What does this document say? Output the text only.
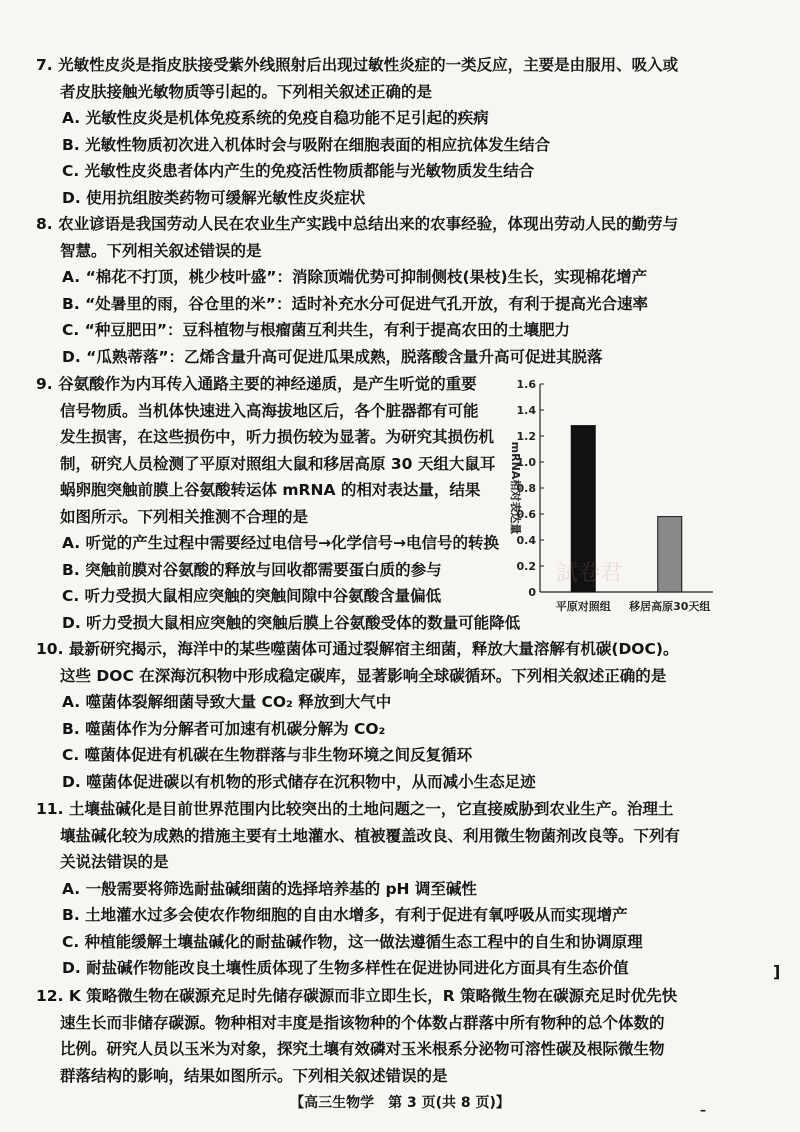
7. 光敏性皮炎是指皮肤接受紫外线照射后出现过敏性炎症的一类反应，主要是由服用、吸入或
者皮肤接触光敏物质等引起的。下列相关叙述正确的是
A. 光敏性皮炎是机体免疫系统的免疫自稳功能不足引起的疾病
B. 光敏性物质初次进入机体时会与吸附在细胞表面的相应抗体发生结合
C. 光敏性皮炎患者体内产生的免疫活性物质都能与光敏物质发生结合
D. 使用抗组胺类药物可缓解光敏性皮炎症状
8. 农业谚语是我国劳动人民在农业生产实践中总结出来的农事经验，体现出劳动人民的勤劳与
智慧。下列相关叙述错误的是
A. “棉花不打顶，桃少枝叶盛”：消除顶端优势可抑制侧枝(果枝)生长，实现棉花增产
B. “处暑里的雨，谷仓里的米”：适时补充水分可促进气孔开放，有利于提高光合速率
C. “种豆肥田”：豆科植物与根瘤菌互利共生，有利于提高农田的土壤肥力
D. “瓜熟蒂落”：乙烯含量升高可促进瓜果成熟，脱落酸含量升高可促进其脱落
9. 谷氨酸作为内耳传入通路主要的神经递质，是产生听觉的重要
信号物质。当机体快速进入高海拔地区后，各个脏器都有可能
发生损害，在这些损伤中，听力损伤较为显著。为研究其损伤机
制，研究人员检测了平原对照组大鼠和移居高原 30 天组大鼠耳
蜗卵胞突触前膜上谷氨酸转运体 mRNA 的相对表达量，结果
如图所示。下列相关推测不合理的是
A. 听觉的产生过程中需要经过电信号→化学信号→电信号的转换
B. 突触前膜对谷氨酸的释放与回收都需要蛋白质的参与
C. 听力受损大鼠相应突触的突触间隙中谷氨酸含量偏低
D. 听力受损大鼠相应突触的突触后膜上谷氨酸受体的数量可能降低
0
0.2
0.4
0.6
0.8
1.0
1.2
1.4
1.6
平原对照组 移居高原30天组
mRNA相对表达量
試卷君
10. 最新研究揭示，海洋中的某些噬菌体可通过裂解宿主细菌，释放大量溶解有机碳(DOC)。
这些 DOC 在深海沉积物中形成稳定碳库，显著影响全球碳循环。下列相关叙述正确的是
A. 噬菌体裂解细菌导致大量 CO₂ 释放到大气中
B. 噬菌体作为分解者可加速有机碳分解为 CO₂
C. 噬菌体促进有机碳在生物群落与非生物环境之间反复循环
D. 噬菌体促进碳以有机物的形式储存在沉积物中，从而减小生态足迹
11. 土壤盐碱化是目前世界范围内比较突出的土地问题之一，它直接威胁到农业生产。治理土
壤盐碱化较为成熟的措施主要有土地灌水、植被覆盖改良、利用微生物菌剂改良等。下列有
关说法错误的是
A. 一般需要将筛选耐盐碱细菌的选择培养基的 pH 调至碱性
B. 土地灌水过多会使农作物细胞的自由水增多，有利于促进有氧呼吸从而实现增产
C. 种植能缓解土壤盐碱化的耐盐碱作物，这一做法遵循生态工程中的自生和协调原理
D. 耐盐碱作物能改良土壤性质体现了生物多样性在促进协同进化方面具有生态价值
12. K 策略微生物在碳源充足时先储存碳源而非立即生长，R 策略微生物在碳源充足时优先快
速生长而非储存碳源。物种相对丰度是指该物种的个体数占群落中所有物种的总个体数的
比例。研究人员以玉米为对象，探究土壤有效磷对玉米根系分泌物可溶性碳及根际微生物
群落结构的影响，结果如图所示。下列相关叙述错误的是
]
【高三生物学　第 3 页(共 8 页)】	–
